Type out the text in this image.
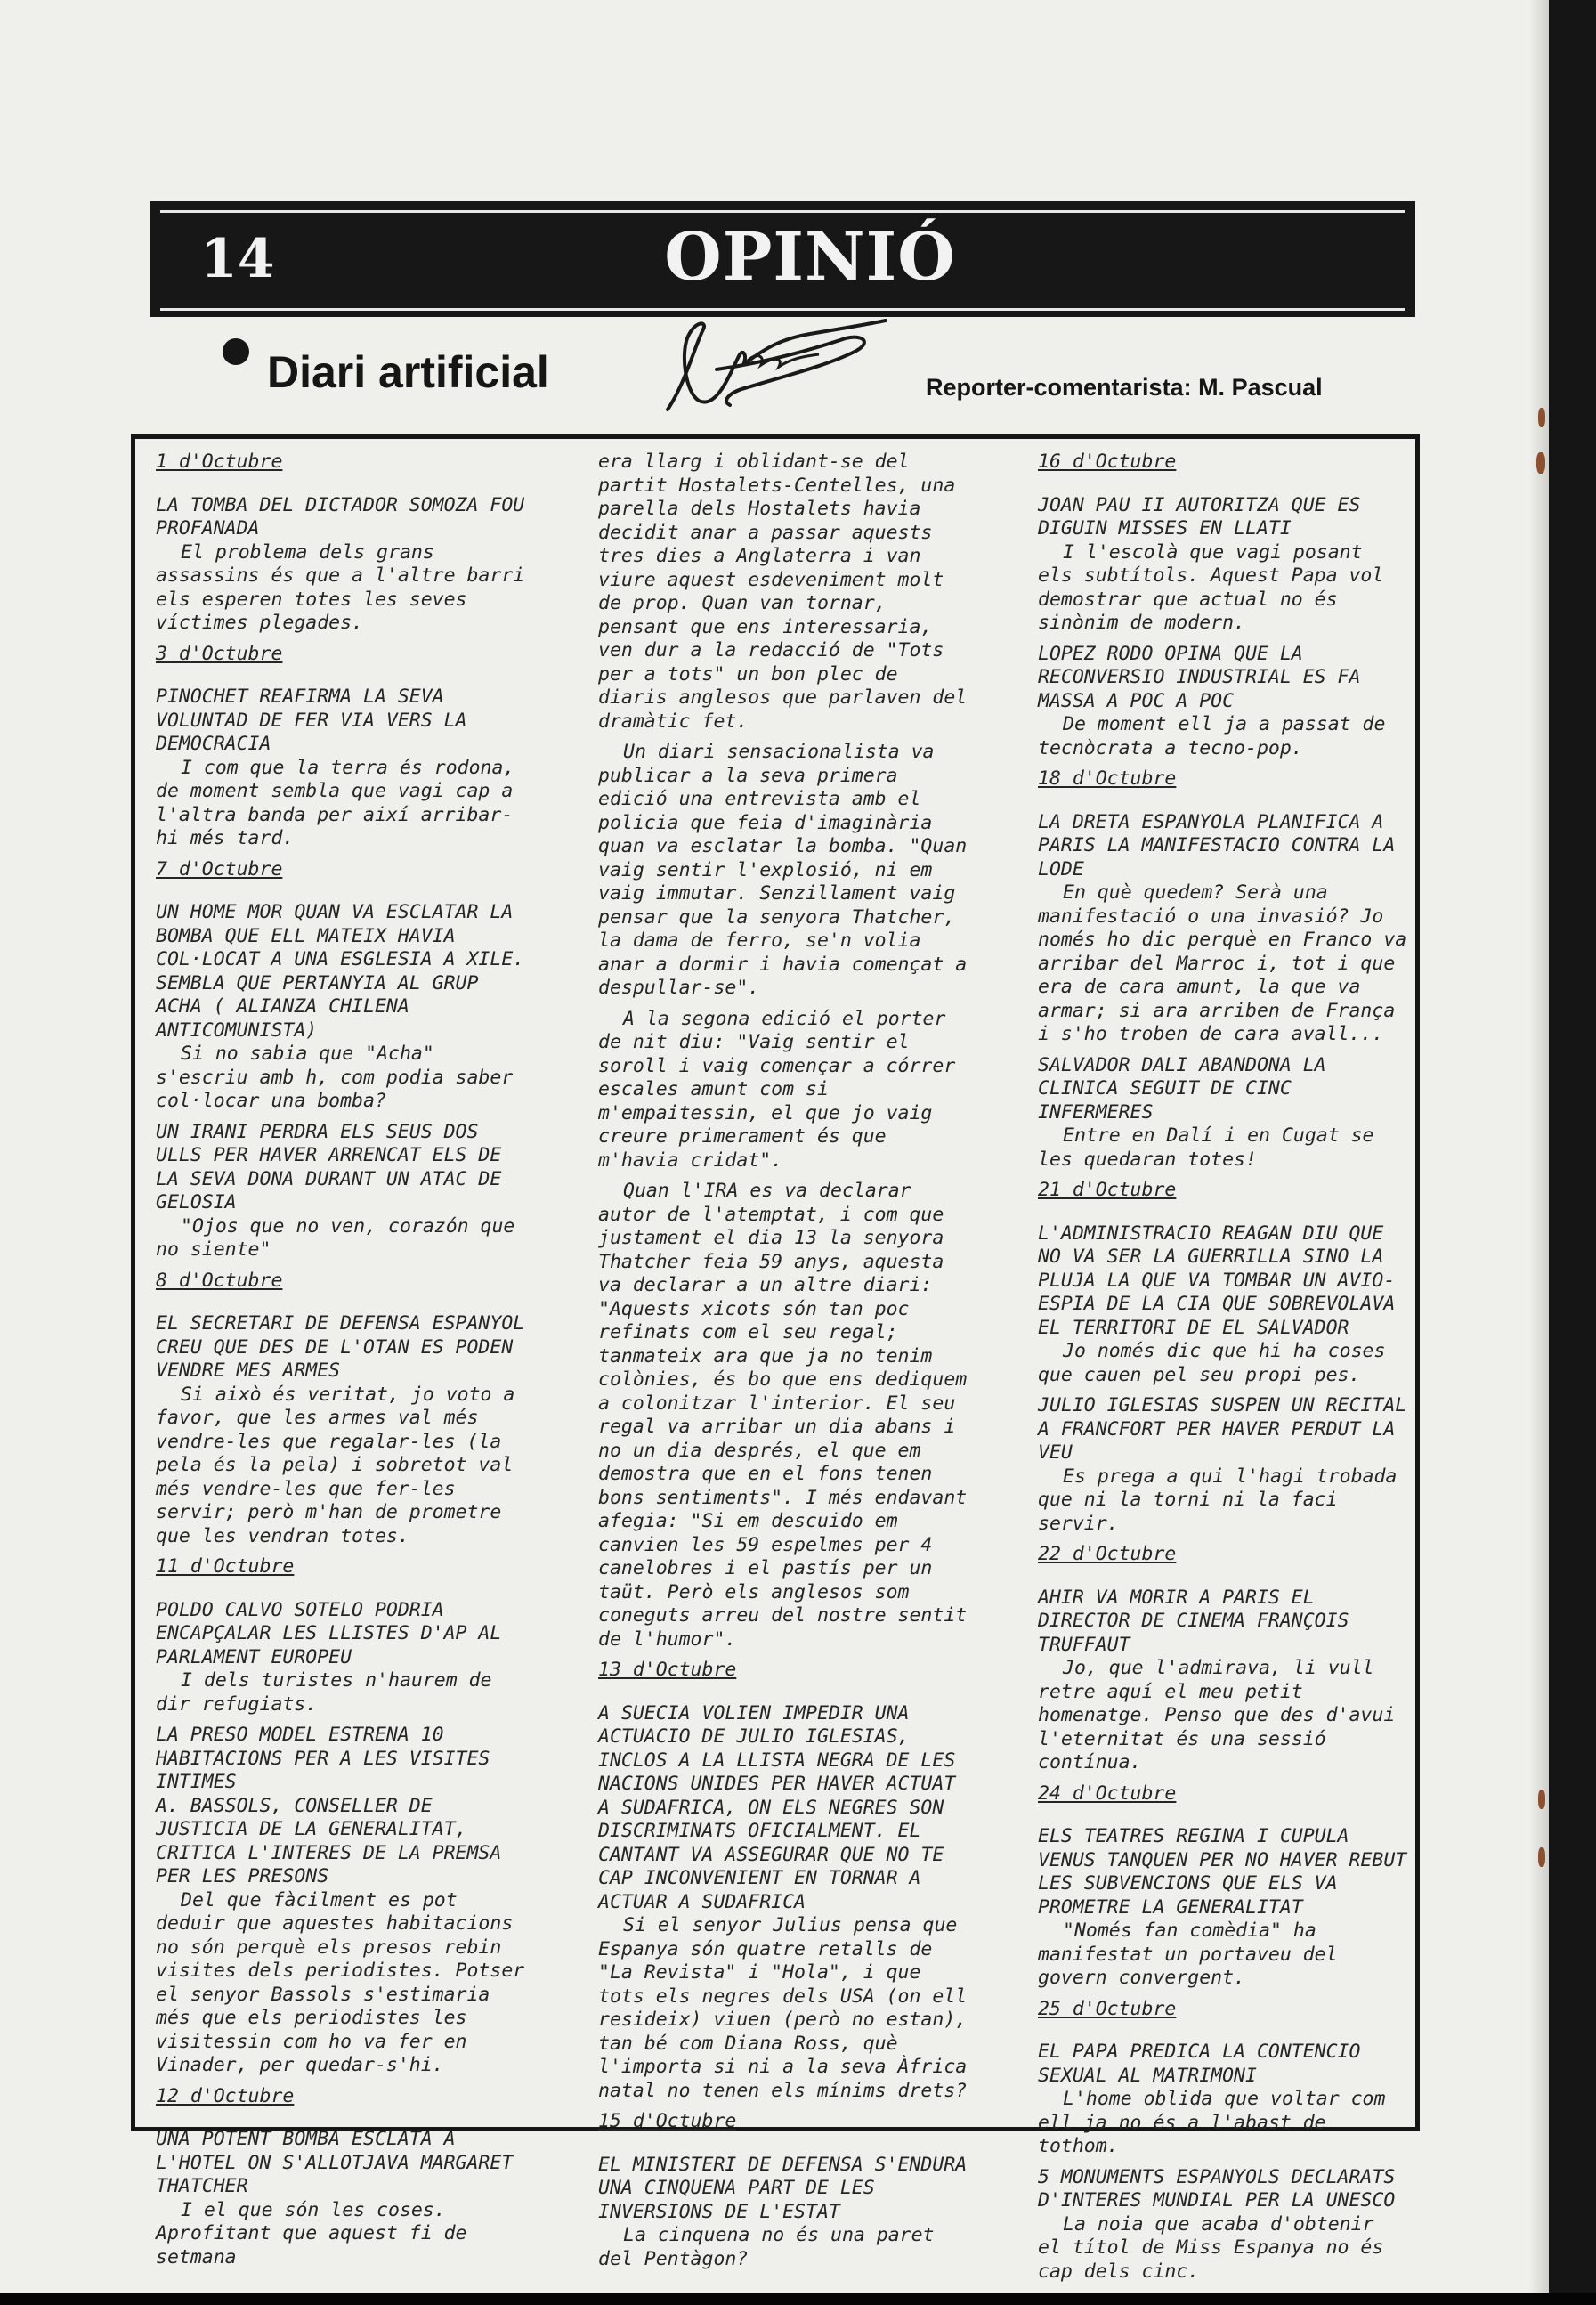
14	OPINIÓ
Diari artificial	Reporter-comentarista: M. Pascual

1 d'Octubre

LA TOMBA DEL DICTADOR SOMOZA FOU PROFANADA

El problema dels grans assassins és que a l'altre barri els esperen totes les seves víctimes plegades.

3 d'Octubre

PINOCHET REAFIRMA LA SEVA VOLUNTAD DE FER VIA VERS LA DEMOCRACIA

I com que la terra és rodona, de moment sembla que vagi cap a l'altra banda per així arribar-hi més tard.

7 d'Octubre

UN HOME MOR QUAN VA ESCLATAR LA BOMBA QUE ELL MATEIX HAVIA COL·LOCAT A UNA ESGLESIA A XILE. SEMBLA QUE PERTANYIA AL GRUP ACHA ( ALIANZA CHILENA ANTICOMUNISTA)

Si no sabia que "Acha" s'escriu amb h, com podia saber col·locar una bomba?

UN IRANI PERDRA ELS SEUS DOS ULLS PER HAVER ARRENCAT ELS DE LA SEVA DONA DURANT UN ATAC DE GELOSIA

"Ojos que no ven, corazón que no siente"

8 d'Octubre

EL SECRETARI DE DEFENSA ESPANYOL CREU QUE DES DE L'OTAN ES PODEN VENDRE MES ARMES

Si això és veritat, jo voto a favor, que les armes val més vendre-les que regalar-les (la pela és la pela) i sobretot val més vendre-les que fer-les servir; però m'han de prometre que les vendran totes.

11 d'Octubre

POLDO CALVO SOTELO PODRIA ENCAPÇALAR LES LLISTES D'AP AL PARLAMENT EUROPEU

I dels turistes n'haurem de dir refugiats.

LA PRESO MODEL ESTRENA 10 HABITACIONS PER A LES VISITES INTIMES

A. BASSOLS, CONSELLER DE JUSTICIA DE LA GENERALITAT, CRITICA L'INTERES DE LA PREMSA PER LES PRESONS

Del que fàcilment es pot deduir que aquestes habitacions no són perquè els presos rebin visites dels periodistes. Potser el senyor Bassols s'estimaria més que els periodistes les visitessin com ho va fer en Vinader, per quedar-s'hi.

12 d'Octubre

UNA POTENT BOMBA ESCLATA A L'HOTEL ON S'ALLOTJAVA MARGARET THATCHER

I el que són les coses. Aprofitant que aquest fi de setmana

era llarg i oblidant-se del partit Hostalets-Centelles, una parella dels Hostalets havia decidit anar a passar aquests tres dies a Anglaterra i van viure aquest esdeveniment molt de prop. Quan van tornar, pensant que ens interessaria, ven dur a la redacció de "Tots per a tots" un bon plec de diaris anglesos que parlaven del dramàtic fet.

Un diari sensacionalista va publicar a la seva primera edició una entrevista amb el policia que feia d'imaginària quan va esclatar la bomba. "Quan vaig sentir l'explosió, ni em vaig immutar. Senzillament vaig pensar que la senyora Thatcher, la dama de ferro, se'n volia anar a dormir i havia començat a despullar-se".

A la segona edició el porter de nit diu: "Vaig sentir el soroll i vaig començar a córrer escales amunt com si m'empaitessin, el que jo vaig creure primerament és que m'havia cridat".

Quan l'IRA es va declarar autor de l'atemptat, i com que justament el dia 13 la senyora Thatcher feia 59 anys, aquesta va declarar a un altre diari: "Aquests xicots són tan poc refinats com el seu regal; tanmateix ara que ja no tenim colònies, és bo que ens dediquem a colonitzar l'interior. El seu regal va arribar un dia abans i no un dia després, el que em demostra que en el fons tenen bons sentiments". I més endavant afegia: "Si em descuido em canvien les 59 espelmes per 4 canelobres i el pastís per un taüt. Però els anglesos som coneguts arreu del nostre sentit de l'humor".

13 d'Octubre

A SUECIA VOLIEN IMPEDIR UNA ACTUACIO DE JULIO IGLESIAS, INCLOS A LA LLISTA NEGRA DE LES NACIONS UNIDES PER HAVER ACTUAT A SUDAFRICA, ON ELS NEGRES SON DISCRIMINATS OFICIALMENT. EL CANTANT VA ASSEGURAR QUE NO TE CAP INCONVENIENT EN TORNAR A ACTUAR A SUDAFRICA

Si el senyor Julius pensa que Espanya són quatre retalls de "La Revista" i "Hola", i que tots els negres dels USA (on ell resideix) viuen (però no estan), tan bé com Diana Ross, què l'importa si ni a la seva Àfrica natal no tenen els mínims drets?

15 d'Octubre

EL MINISTERI DE DEFENSA S'ENDURA UNA CINQUENA PART DE LES INVERSIONS DE L'ESTAT

La cinquena no és una paret del Pentàgon?

16 d'Octubre

JOAN PAU II AUTORITZA QUE ES DIGUIN MISSES EN LLATI

I l'escolà que vagi posant els subtítols. Aquest Papa vol demostrar que actual no és sinònim de modern.

LOPEZ RODO OPINA QUE LA RECONVERSIO INDUSTRIAL ES FA MASSA A POC A POC

De moment ell ja a passat de tecnòcrata a tecno-pop.

18 d'Octubre

LA DRETA ESPANYOLA PLANIFICA A PARIS LA MANIFESTACIO CONTRA LA LODE

En què quedem? Serà una manifestació o una invasió? Jo només ho dic perquè en Franco va arribar del Marroc i, tot i que era de cara amunt, la que va armar; si ara arriben de França i s'ho troben de cara avall...

SALVADOR DALI ABANDONA LA CLINICA SEGUIT DE CINC INFERMERES

Entre en Dalí i en Cugat se les quedaran totes!

21 d'Octubre

L'ADMINISTRACIO REAGAN DIU QUE NO VA SER LA GUERRILLA SINO LA PLUJA LA QUE VA TOMBAR UN AVIO-ESPIA DE LA CIA QUE SOBREVOLAVA EL TERRITORI DE EL SALVADOR

Jo només dic que hi ha coses que cauen pel seu propi pes.

JULIO IGLESIAS SUSPEN UN RECITAL A FRANCFORT PER HAVER PERDUT LA VEU

Es prega a qui l'hagi trobada que ni la torni ni la faci servir.

22 d'Octubre

AHIR VA MORIR A PARIS EL DIRECTOR DE CINEMA FRANÇOIS TRUFFAUT

Jo, que l'admirava, li vull retre aquí el meu petit homenatge. Penso que des d'avui l'eternitat és una sessió contínua.

24 d'Octubre

ELS TEATRES REGINA I CUPULA VENUS TANQUEN PER NO HAVER REBUT LES SUBVENCIONS QUE ELS VA PROMETRE LA GENERALITAT

"Només fan comèdia" ha manifestat un portaveu del govern convergent.

25 d'Octubre

EL PAPA PREDICA LA CONTENCIO SEXUAL AL MATRIMONI

L'home oblida que voltar com ell ja no és a l'abast de tothom.

5 MONUMENTS ESPANYOLS DECLARATS D'INTERES MUNDIAL PER LA UNESCO

La noia que acaba d'obtenir el títol de Miss Espanya no és cap dels cinc.
